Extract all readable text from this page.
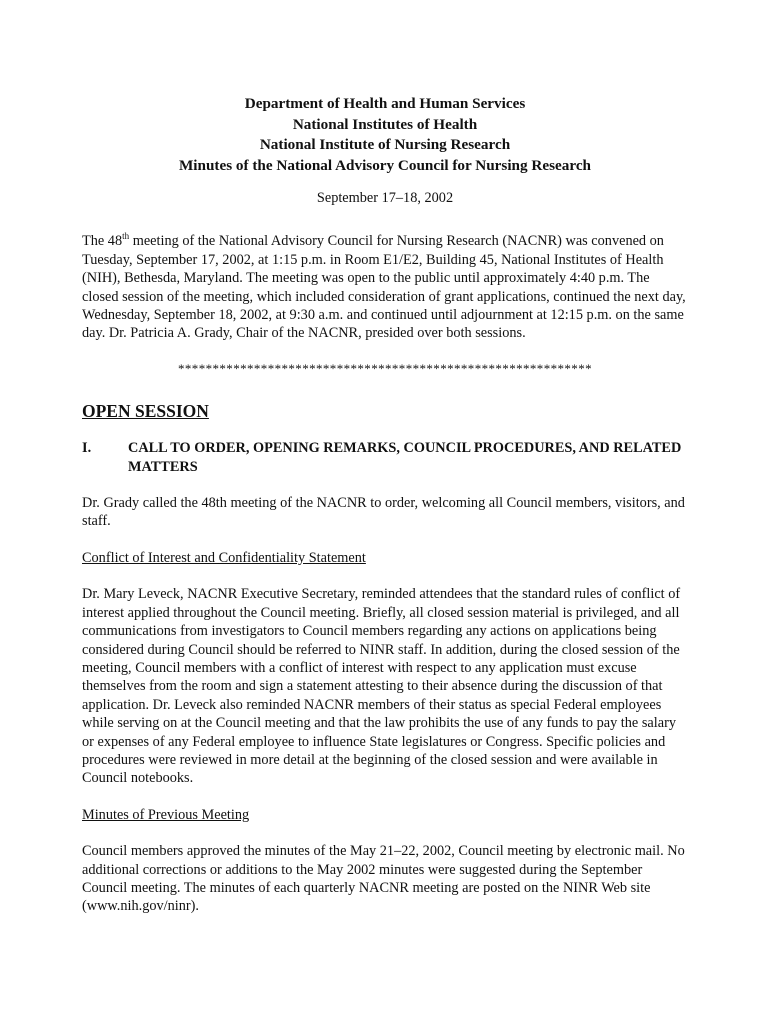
Department of Health and Human Services
National Institutes of Health
National Institute of Nursing Research
Minutes of the National Advisory Council for Nursing Research
September 17–18, 2002

The 48th meeting of the National Advisory Council for Nursing Research (NACNR) was convened on Tuesday, September 17, 2002, at 1:15 p.m. in Room E1/E2, Building 45, National Institutes of Health (NIH), Bethesda, Maryland. The meeting was open to the public until approximately 4:40 p.m. The closed session of the meeting, which included consideration of grant applications, continued the next day, Wednesday, September 18, 2002, at 9:30 a.m. and continued until adjournment at 12:15 p.m. on the same day. Dr. Patricia A. Grady, Chair of the NACNR, presided over both sessions.

************************************************************
OPEN SESSION
I.	CALL TO ORDER, OPENING REMARKS, COUNCIL PROCEDURES, AND RELATED MATTERS

Dr. Grady called the 48th meeting of the NACNR to order, welcoming all Council members, visitors, and staff.

Conflict of Interest and Confidentiality Statement

Dr. Mary Leveck, NACNR Executive Secretary, reminded attendees that the standard rules of conflict of interest applied throughout the Council meeting. Briefly, all closed session material is privileged, and all communications from investigators to Council members regarding any actions on applications being considered during Council should be referred to NINR staff. In addition, during the closed session of the meeting, Council members with a conflict of interest with respect to any application must excuse themselves from the room and sign a statement attesting to their absence during the discussion of that application. Dr. Leveck also reminded NACNR members of their status as special Federal employees while serving on at the Council meeting and that the law prohibits the use of any funds to pay the salary or expenses of any Federal employee to influence State legislatures or Congress. Specific policies and procedures were reviewed in more detail at the beginning of the closed session and were available in Council notebooks.

Minutes of Previous Meeting

Council members approved the minutes of the May 21–22, 2002, Council meeting by electronic mail. No additional corrections or additions to the May 2002 minutes were suggested during the September Council meeting. The minutes of each quarterly NACNR meeting are posted on the NINR Web site (www.nih.gov/ninr).
